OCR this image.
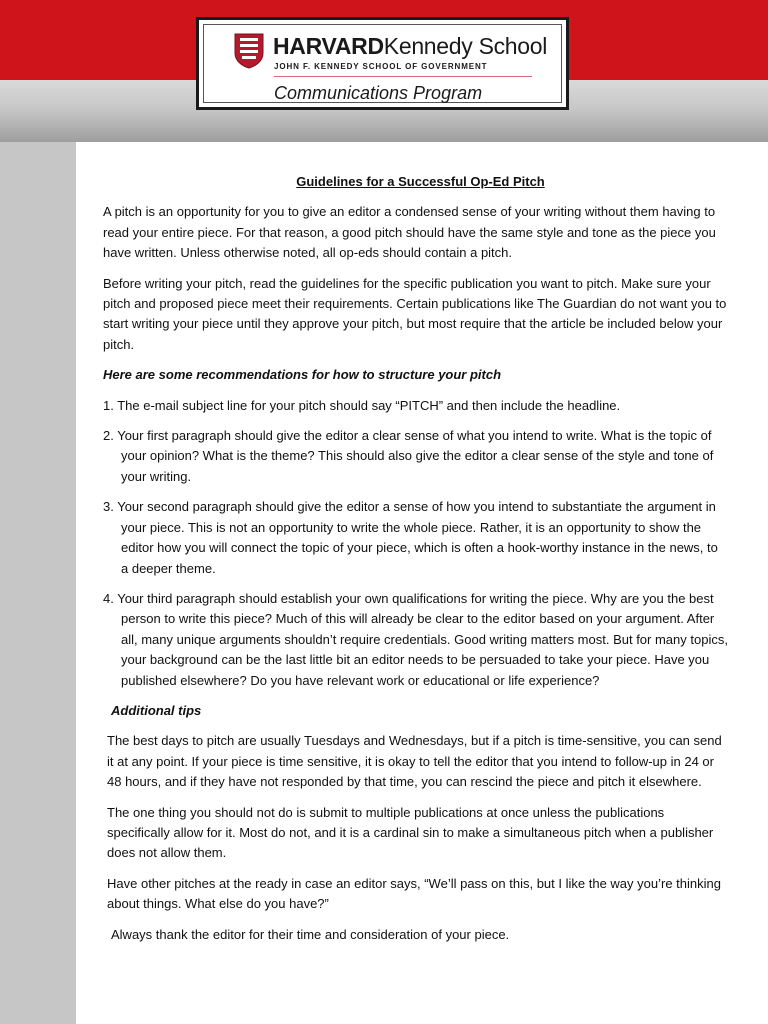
HARVARDKennedy School
JOHN F. KENNEDY SCHOOL OF GOVERNMENT
Communications Program
Guidelines for a Successful Op-Ed Pitch

A pitch is an opportunity for you to give an editor a condensed sense of your writing without them having to read your entire piece. For that reason, a good pitch should have the same style and tone as the piece you have written. Unless otherwise noted, all op-eds should contain a pitch.

Before writing your pitch, read the guidelines for the specific publication you want to pitch. Make sure your pitch and proposed piece meet their requirements. Certain publications like The Guardian do not want you to start writing your piece until they approve your pitch, but most require that the article be included below your pitch.

Here are some recommendations for how to structure your pitch

1. The e-mail subject line for your pitch should say “PITCH” and then include the headline.

2. Your first paragraph should give the editor a clear sense of what you intend to write. What is the topic of your opinion? What is the theme? This should also give the editor a clear sense of the style and tone of your writing.

3. Your second paragraph should give the editor a sense of how you intend to substantiate the argument in your piece. This is not an opportunity to write the whole piece. Rather, it is an opportunity to show the editor how you will connect the topic of your piece, which is often a hook-worthy instance in the news, to a deeper theme.

4. Your third paragraph should establish your own qualifications for writing the piece. Why are you the best person to write this piece? Much of this will already be clear to the editor based on your argument. After all, many unique arguments shouldn’t require credentials. Good writing matters most. But for many topics, your background can be the last little bit an editor needs to be persuaded to take your piece. Have you published elsewhere? Do you have relevant work or educational or life experience?

Additional tips

The best days to pitch are usually Tuesdays and Wednesdays, but if a pitch is time-sensitive, you can send it at any point. If your piece is time sensitive, it is okay to tell the editor that you intend to follow-up in 24 or 48 hours, and if they have not responded by that time, you can rescind the piece and pitch it elsewhere.

The one thing you should not do is submit to multiple publications at once unless the publications specifically allow for it. Most do not, and it is a cardinal sin to make a simultaneous pitch when a publisher does not allow them.

Have other pitches at the ready in case an editor says, “We’ll pass on this, but I like the way you’re thinking about things. What else do you have?”

Always thank the editor for their time and consideration of your piece.
